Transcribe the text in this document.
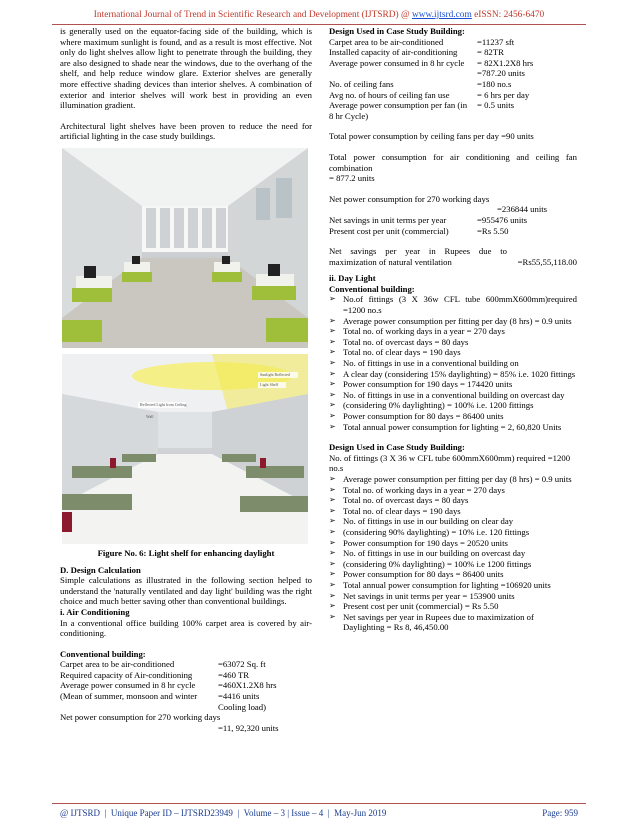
International Journal of Trend in Scientific Research and Development (IJTSRD) @ www.ijtsrd.com eISSN: 2456-6470

is generally used on the equator-facing side of the building, which is where maximum sunlight is found, and as a result is most effective. Not only do light shelves allow light to penetrate through the building, they are also designed to shade near the windows, due to the overhang of the shelf, and help reduce window glare. Exterior shelves are generally more effective shading devices than interior shelves. A combination of exterior and interior shelves will work best in providing an even illumination gradient.

Architectural light shelves have been proven to reduce the need for artificial lighting in the case study buildings.

Reflected Light from Ceiling
Sunlight Reflected
Light Shelf
Wall
Figure No. 6: Light shelf for enhancing daylight

D. Design Calculation

Simple calculations as illustrated in the following section helped to understand the 'naturally ventilated and day light' building was the right choice and much better saving other than conventional buildings.

i. Air Conditioning

In a conventional office building 100% carpet area is covered by air-conditioning.

Conventional building:

Carpet area to be air-conditioned	=63072 Sq. ft
Required capacity of Air-conditioning	=460 TR
Average power consumed in 8 hr cycle	=460X1.2X8 hrs
(Mean of summer, monsoon and winter	=4416 units
Cooling load)

Net power consumption for 270 working days

=11, 92,320 units

Design Used in Case Study Building:

Carpet area to be air-conditioned	=11237 sft
Installed capacity of air-conditioning	= 82TR
Average power consumed in 8 hr cycle	= 82X1.2X8 hrs
=787.20 units
No. of ceiling fans	=180 no.s
Avg no. of hours of ceiling fan use	= 6 hrs per day
Average power consumption per fan (in	= 0.5 units

8 hr Cycle)

Total power consumption by ceiling fans per day =90 units

Total power consumption for air conditioning and ceiling fan combination

= 877.2 units

Net power consumption for 270 working days

=236844 units
Net savings in unit terms per year	=955476 units
Present cost per unit (commercial)	=Rs 5.50

Net savings per year in Rupees due to maximization of natural ventilation	=Rs55,55,118.00

ii. Day Light

Conventional building:

➢ No.of fittings (3 X 36w CFL tube 600mmX600mm)required =1200 no.s
➢ Average power consumption per fitting per day (8 hrs) = 0.9 units
➢ Total no. of working days in a year = 270 days
➢ Total no. of overcast days = 80 days
➢ Total no. of clear days = 190 days
➢ No. of fittings in use in a conventional building on
➢ A clear day (considering 15% daylighting) = 85% i.e. 1020 fittings
➢ Power consumption for 190 days = 174420 units
➢ No. of fittings in use in a conventional building on overcast day
➢ (considering 0% daylighting) = 100% i.e. 1200 fittings
➢ Power consumption for 80 days = 86400 units
➢ Total annual power consumption for lighting = 2, 60,820 Units

Design Used in Case Study Building:

No. of fittings (3 X 36 w CFL tube 600mmX600mm) required =1200 no.s

➢ Average power consumption per fitting per day (8 hrs) = 0.9 units
➢ Total no. of working days in a year = 270 days
➢ Total no. of overcast days = 80 days
➢ Total no. of clear days = 190 days
➢ No. of fittings in use in our building on clear day
➢ (considering 90% daylighting) = 10% i.e. 120 fittings
➢ Power consumption for 190 days = 20520 units
➢ No. of fittings in use in our building on overcast day
➢ (considering 0% daylighting) = 100% i.e 1200 fittings
➢ Power consumption for 80 days = 86400 units
➢ Total annual power consumption for lighting =106920 units
➢ Net savings in unit terms per year = 153900 units
➢ Present cost per unit (commercial) = Rs 5.50
➢ Net savings per year in Rupees due to maximization of Daylighting = Rs 8, 46,450.00
@ IJTSRD | Unique Paper ID – IJTSRD23949 | Volume – 3 | Issue – 4 | May-Jun 2019	Page: 959
